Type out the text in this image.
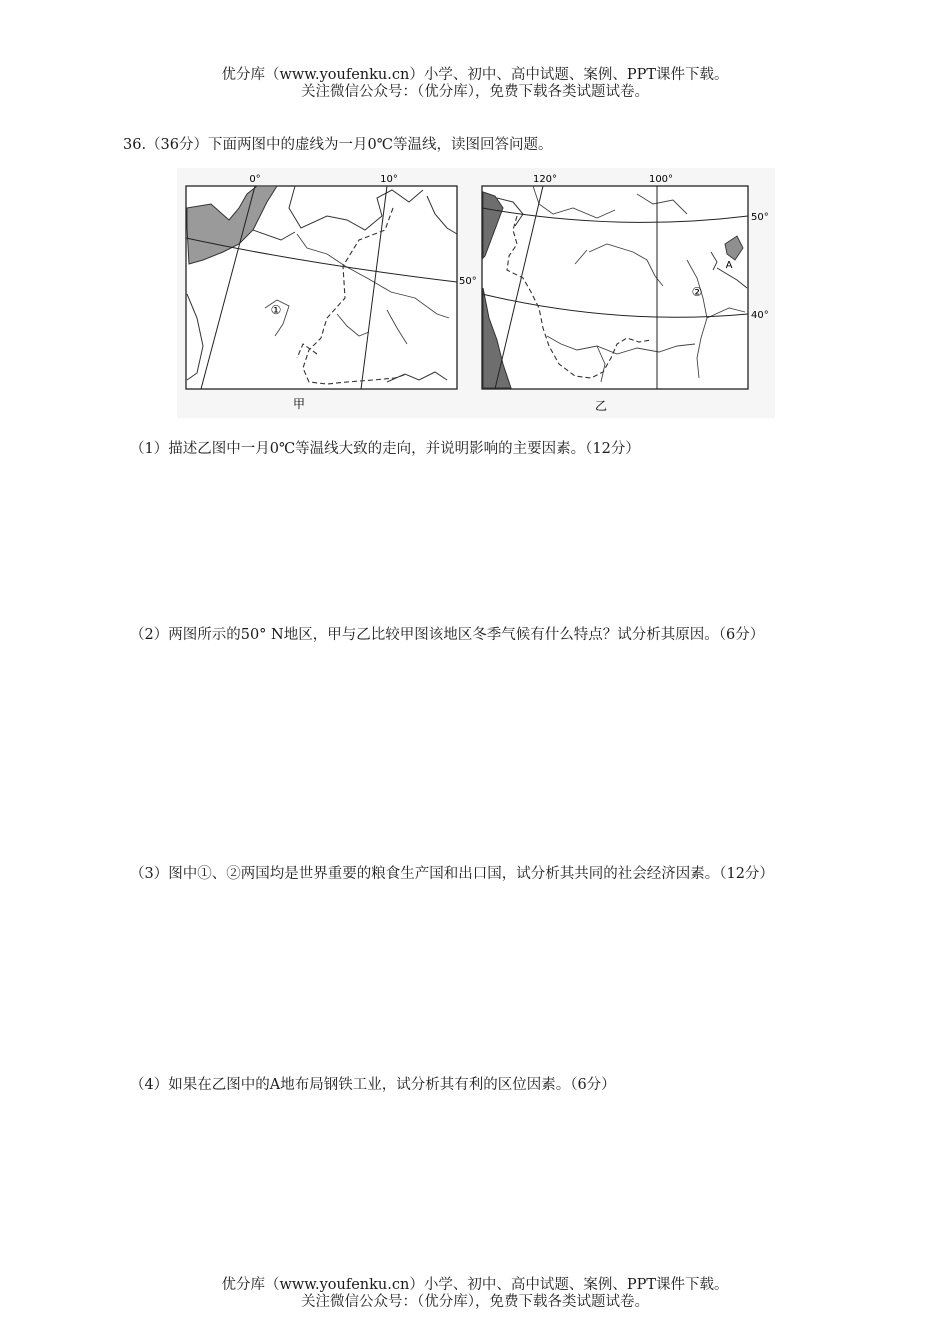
优分库（www.youfenku.cn）小学、初中、高中试题、案例、PPT课件下载。
关注微信公众号：（优分库），免费下载各类试题试卷。
36.（36分）下面两图中的虚线为一月0℃等温线，读图回答问题。
0°	10°
50°
①
甲
120°	100°
50°
40°
②
A
乙
（1）描述乙图中一月0℃等温线大致的走向，并说明影响的主要因素。（12分）
（2）两图所示的50° N地区，甲与乙比较甲图该地区冬季气候有什么特点？试分析其原因。（6分）
（3）图中①、②两国均是世界重要的粮食生产国和出口国，试分析其共同的社会经济因素。（12分）
（4）如果在乙图中的A地布局钢铁工业，试分析其有利的区位因素。（6分）
优分库（www.youfenku.cn）小学、初中、高中试题、案例、PPT课件下载。
关注微信公众号：（优分库），免费下载各类试题试卷。
